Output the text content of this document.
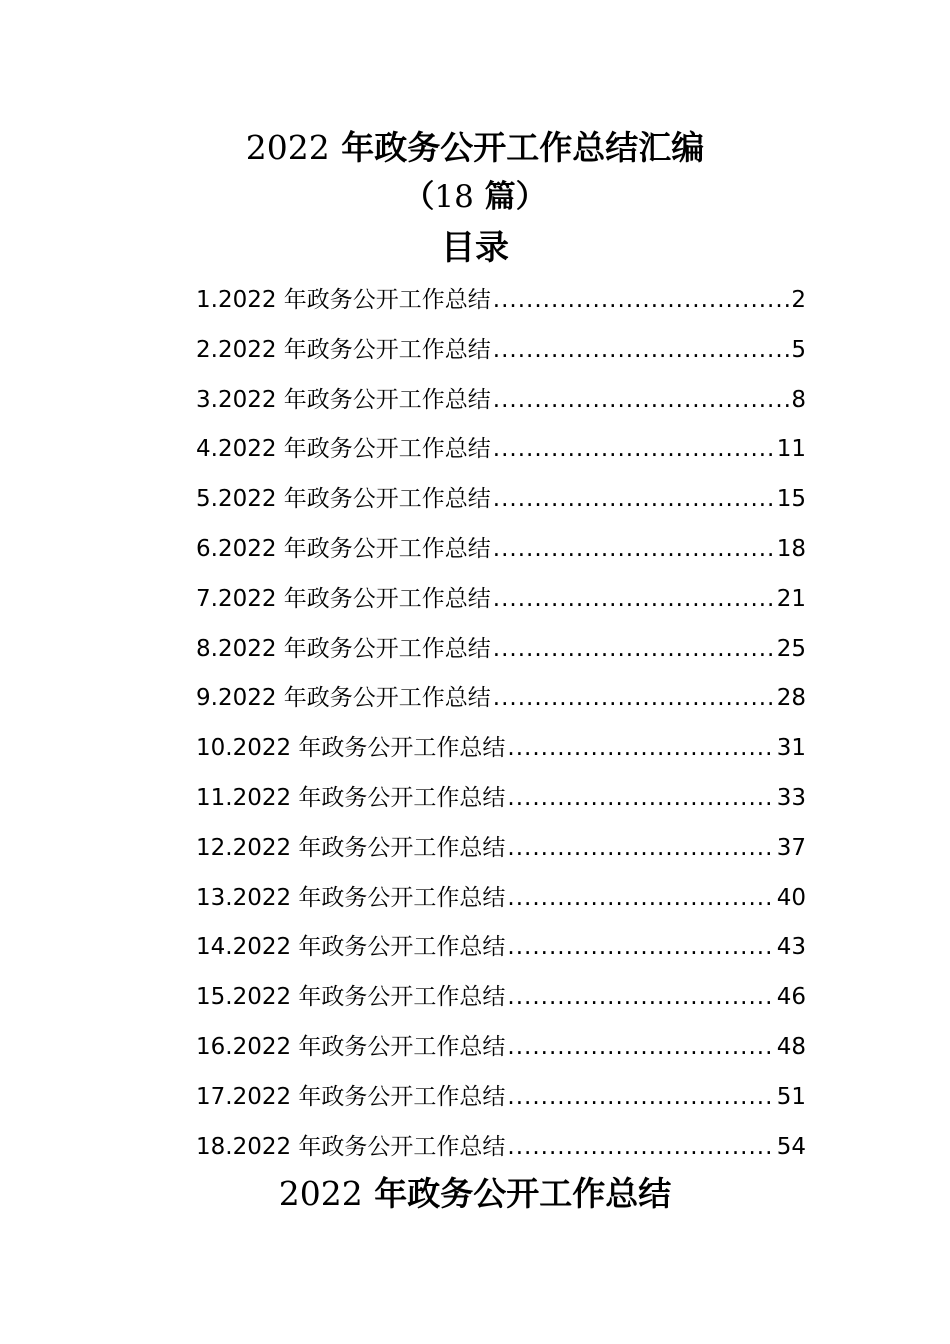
2022 年政务公开工作总结汇编
（18 篇）
目录
1.2022 年政务公开工作总结 .....	2
2.2022 年政务公开工作总结 .....	5
3.2022 年政务公开工作总结 .....	8
4.2022 年政务公开工作总结 .....	11
5.2022 年政务公开工作总结 .....	15
6.2022 年政务公开工作总结 .....	18
7.2022 年政务公开工作总结 .....	21
8.2022 年政务公开工作总结 .....	25
9.2022 年政务公开工作总结 .....	28
10.2022 年政务公开工作总结 .....	31
11.2022 年政务公开工作总结 .....	33
12.2022 年政务公开工作总结 .....	37
13.2022 年政务公开工作总结 .....	40
14.2022 年政务公开工作总结 .....	43
15.2022 年政务公开工作总结 .....	46
16.2022 年政务公开工作总结 .....	48
17.2022 年政务公开工作总结 .....	51
18.2022 年政务公开工作总结 .....	54
2022 年政务公开工作总结
